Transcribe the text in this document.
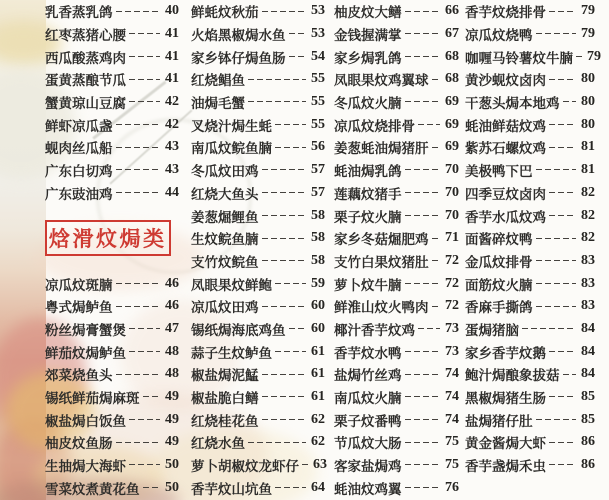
乳香蒸乳鸽	40
红枣蒸猪心腰	41
西瓜酸蒸鸡肉	41
蛋黄蒸酿节瓜	41
蟹黄琼山豆腐	42
鲜虾凉瓜盏	42
蚬肉丝瓜船	43
广东白切鸡	43
广东豉油鸡	44
焓滑炆焗类
凉瓜炆斑腩	46
粤式焗鲈鱼	46
粉丝焗膏蟹煲	47
鲜茄炆焗鲈鱼	48
郊菜烧鱼头	48
锡纸鲜茄焗麻斑 49
椒盐焗白饭鱼	49
柚皮炆鱼肠	49
生抽焗大海虾	50
雪菜炆煮黄花鱼 50
鲜蚝炆秋茄	53
火焰黑椒焗水鱼 53
家乡钵仔焗鱼肠 54
红烧鲳鱼	55
油焗毛蟹	55
叉烧汁焗生蚝	55
南瓜炆鲩鱼腩	56
冬瓜炆田鸡	57
红烧大鱼头	57
姜葱煀鲤鱼	58
生炆鲩鱼腩	58
支竹炆鲩鱼	58
凤眼果炆鲜鲍	59
凉瓜炆田鸡	60
锡纸焗海底鸡鱼 60
蒜子生炆鲈鱼	61
椒盐焗泥鯭	61
椒盐脆白鳝	61
红烧桂花鱼	62
红烧水鱼	62
萝卜胡椒炆龙虾仔 63
香芋炆山坑鱼	64
柚皮炆大鳝	66
金钱握满掌	67
家乡焗乳鸽	68
凤眼果炆鸡翼球 68
冬瓜炆火腩	69
凉瓜炆烧排骨 69
姜葱蚝油焗猪肝 69
蚝油焗乳鸽	70
莲藕炆猪手	70
栗子炆火腩	70
家乡冬菇煀肥鸡 71
支竹白果炆猪肚 72
萝卜炆牛腩	72
鲜淮山炆火鸭肉 72
椰汁香芋炆鸡 73
香芋炆水鸭	73
盐焗竹丝鸡	74
南瓜炆火腩	74
栗子炆番鸭	74
节瓜炆大肠	75
客家盐焗鸡	75
蚝油炆鸡翼	76
香芋炆烧排骨	79
凉瓜炆烧鸭	79
咖喱马铃薯炆牛腩 79
黄沙蚬炆卤肉	80
干葱头焗本地鸡 80
蚝油鲜菇炆鸡	80
紫苏石螺炆鸡	81
美极鸭下巴	81
四季豆炆卤肉	82
香芋水瓜炆鸡	82
面酱碎炆鸭	82
金瓜炆排骨	83
面筋炆火腩	83
香麻手撕鸽	83
蛋焗猪脑	84
家乡香芋炆鹅	84
鲍汁焗酿象拔菇 84
黑椒焗猪生肠	85
盐焗猪仔肚	85
黄金酱焗大虾	86
香芋盏焗禾虫	86
